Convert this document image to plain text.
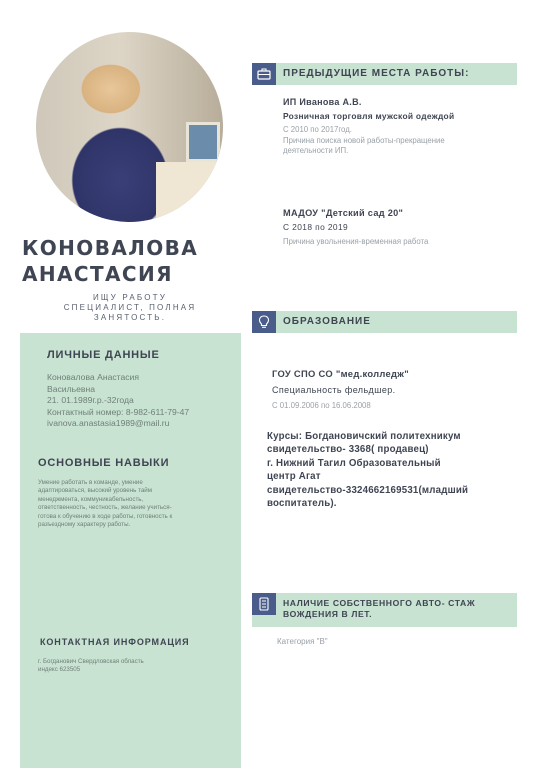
КОНОВАЛОВА
АНАСТАСИЯ
ИЩУ РАБОТУ
СПЕЦИАЛИСТ, ПОЛНАЯ
ЗАНЯТОСТЬ.
ЛИЧНЫЕ ДАННЫЕ
Коновалова Анастасия
Васильевна
21. 01.1989г.р.-32года
Контактный номер: 8-982-611-79-47
ivanova.anastasia1989@mail.ru
ОСНОВНЫЕ НАВЫКИ
Умение работать в команде, умение
адаптироваться, высокий уровень тайм
менеджмента, коммуникабельность,
ответственность, честность, желание учиться-
готова к обучению в ходе работы, готовность к
разъездному характеру работы.
КОНТАКТНАЯ ИНФОРМАЦИЯ
г. Богданович Свердловская область
индекс 623505
ПРЕДЫДУЩИЕ МЕСТА РАБОТЫ:
ИП Иванова А.В.
Розничная торговля мужской одеждой
С 2010 по 2017год.
Причина поиска новой работы-прекращение
деятельности ИП.
МАДОУ "Детский сад 20"
С 2018 по 2019
Причина увольнения-временная работа
ОБРАЗОВАНИЕ
ГОУ СПО СО "мед.колледж"
Специальность фельдшер.
С 01.09.2006 по 16.06.2008
Курсы: Богдановичский политехникум
свидетельство- 3368( продавец)
г. Нижний Тагил Образовательный
центр Агат
свидетельство-3324662169531(младший
воспитатель).
НАЛИЧИЕ СОБСТВЕННОГО АВТО- СТАЖ
ВОЖДЕНИЯ В ЛЕТ.
Категория "B"
